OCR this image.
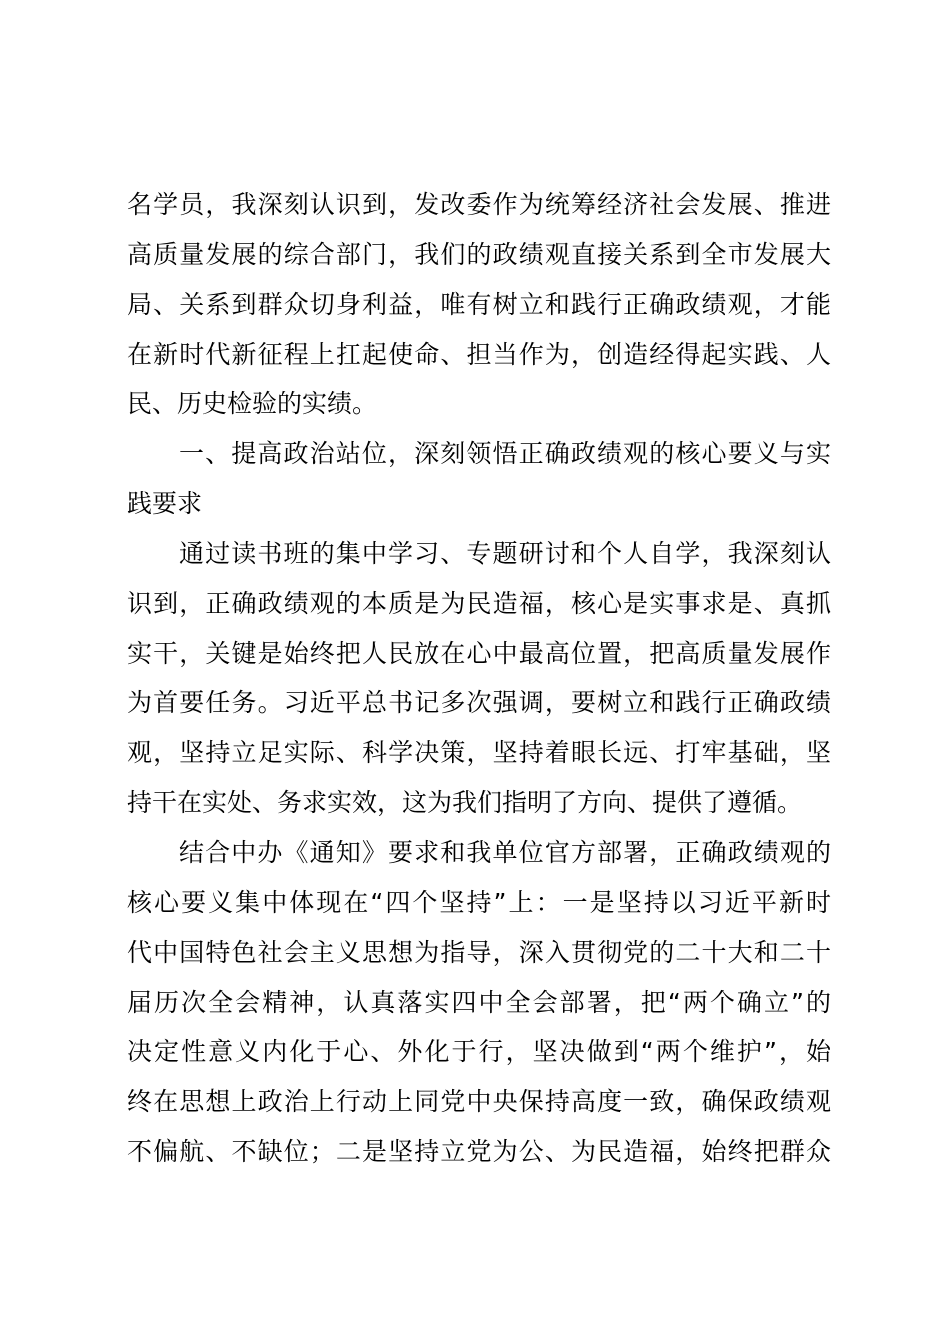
名学员，我深刻认识到，发改委作为统筹经济社会发展、推进
高质量发展的综合部门，我们的政绩观直接关系到全市发展大
局、关系到群众切身利益，唯有树立和践行正确政绩观，才能
在新时代新征程上扛起使命、担当作为，创造经得起实践、人
民、历史检验的实绩。
一、提高政治站位，深刻领悟正确政绩观的核心要义与实
践要求
通过读书班的集中学习、专题研讨和个人自学，我深刻认
识到，正确政绩观的本质是为民造福，核心是实事求是、真抓
实干，关键是始终把人民放在心中最高位置，把高质量发展作
为首要任务。习近平总书记多次强调，要树立和践行正确政绩
观，坚持立足实际、科学决策，坚持着眼长远、打牢基础，坚
持干在实处、务求实效，这为我们指明了方向、提供了遵循。
结合中办《通知》要求和我单位官方部署，正确政绩观的
核心要义集中体现在“四个坚持”上：一是坚持以习近平新时
代中国特色社会主义思想为指导，深入贯彻党的二十大和二十
届历次全会精神，认真落实四中全会部署，把“两个确立”的
决定性意义内化于心、外化于行，坚决做到“两个维护”，始
终在思想上政治上行动上同党中央保持高度一致，确保政绩观
不偏航、不缺位；二是坚持立党为公、为民造福，始终把群众
